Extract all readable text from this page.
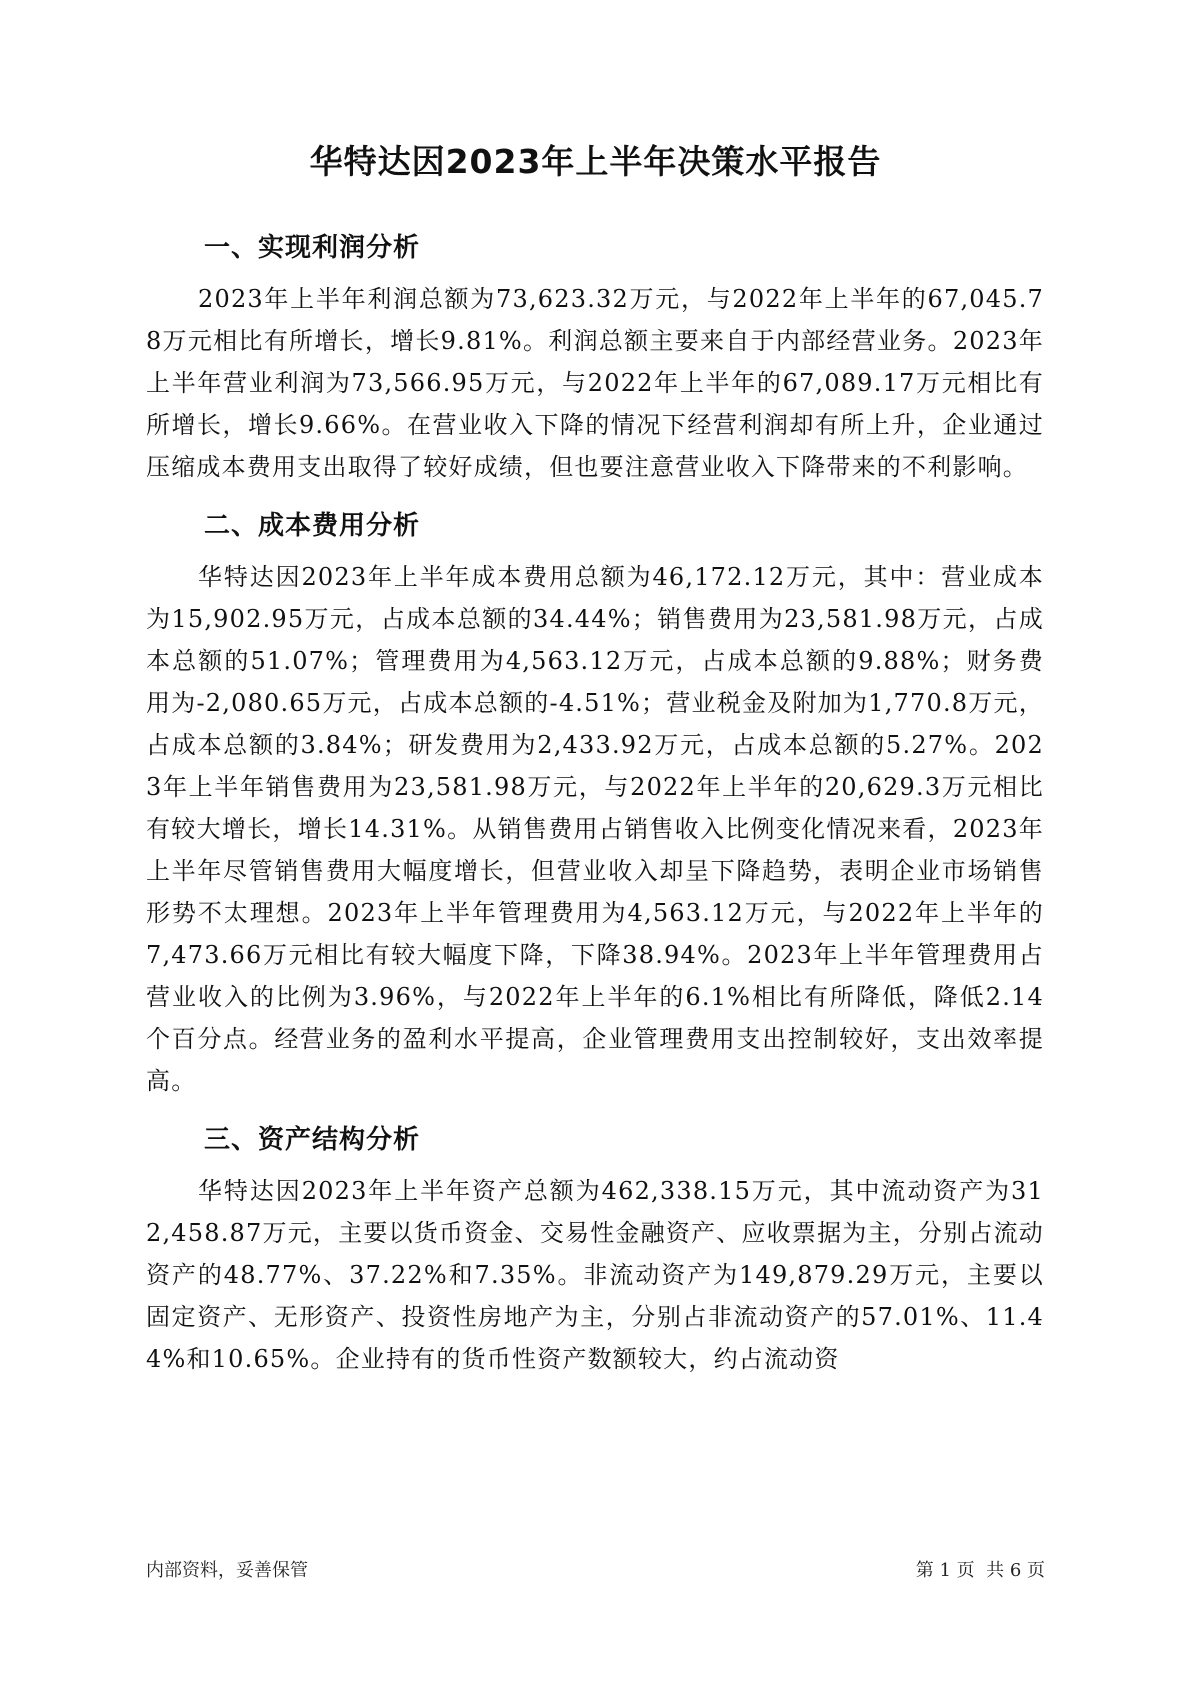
华特达因2023年上半年决策水平报告
一、实现利润分析

2023年上半年利润总额为73,623.32万元，与2022年上半年的67,045.78万元相比有所增长，增长9.81%。利润总额主要来自于内部经营业务。2023年上半年营业利润为73,566.95万元，与2022年上半年的67,089.17万元相比有所增长，增长9.66%。在营业收入下降的情况下经营利润却有所上升，企业通过压缩成本费用支出取得了较好成绩，但也要注意营业收入下降带来的不利影响。

二、成本费用分析

华特达因2023年上半年成本费用总额为46,172.12万元，其中：营业成本为15,902.95万元，占成本总额的34.44%；销售费用为23,581.98万元，占成本总额的51.07%；管理费用为4,563.12万元，占成本总额的9.88%；财务费用为-2,080.65万元，占成本总额的-4.51%；营业税金及附加为1,770.8万元，占成本总额的3.84%；研发费用为2,433.92万元，占成本总额的5.27%。2023年上半年销售费用为23,581.98万元，与2022年上半年的20,629.3万元相比有较大增长，增长14.31%。从销售费用占销售收入比例变化情况来看，2023年上半年尽管销售费用大幅度增长，但营业收入却呈下降趋势，表明企业市场销售形势不太理想。2023年上半年管理费用为4,563.12万元，与2022年上半年的7,473.66万元相比有较大幅度下降，下降38.94%。2023年上半年管理费用占营业收入的比例为3.96%，与2022年上半年的6.1%相比有所降低，降低2.14个百分点。经营业务的盈利水平提高，企业管理费用支出控制较好，支出效率提高。

三、资产结构分析

华特达因2023年上半年资产总额为462,338.15万元，其中流动资产为312,458.87万元，主要以货币资金、交易性金融资产、应收票据为主，分别占流动资产的48.77%、37.22%和7.35%。非流动资产为149,879.29万元，主要以固定资产、无形资产、投资性房地产为主，分别占非流动资产的57.01%、11.44%和10.65%。企业持有的货币性资产数额较大，约占流动资

内部资料，妥善保管	第 1 页  共 6 页
